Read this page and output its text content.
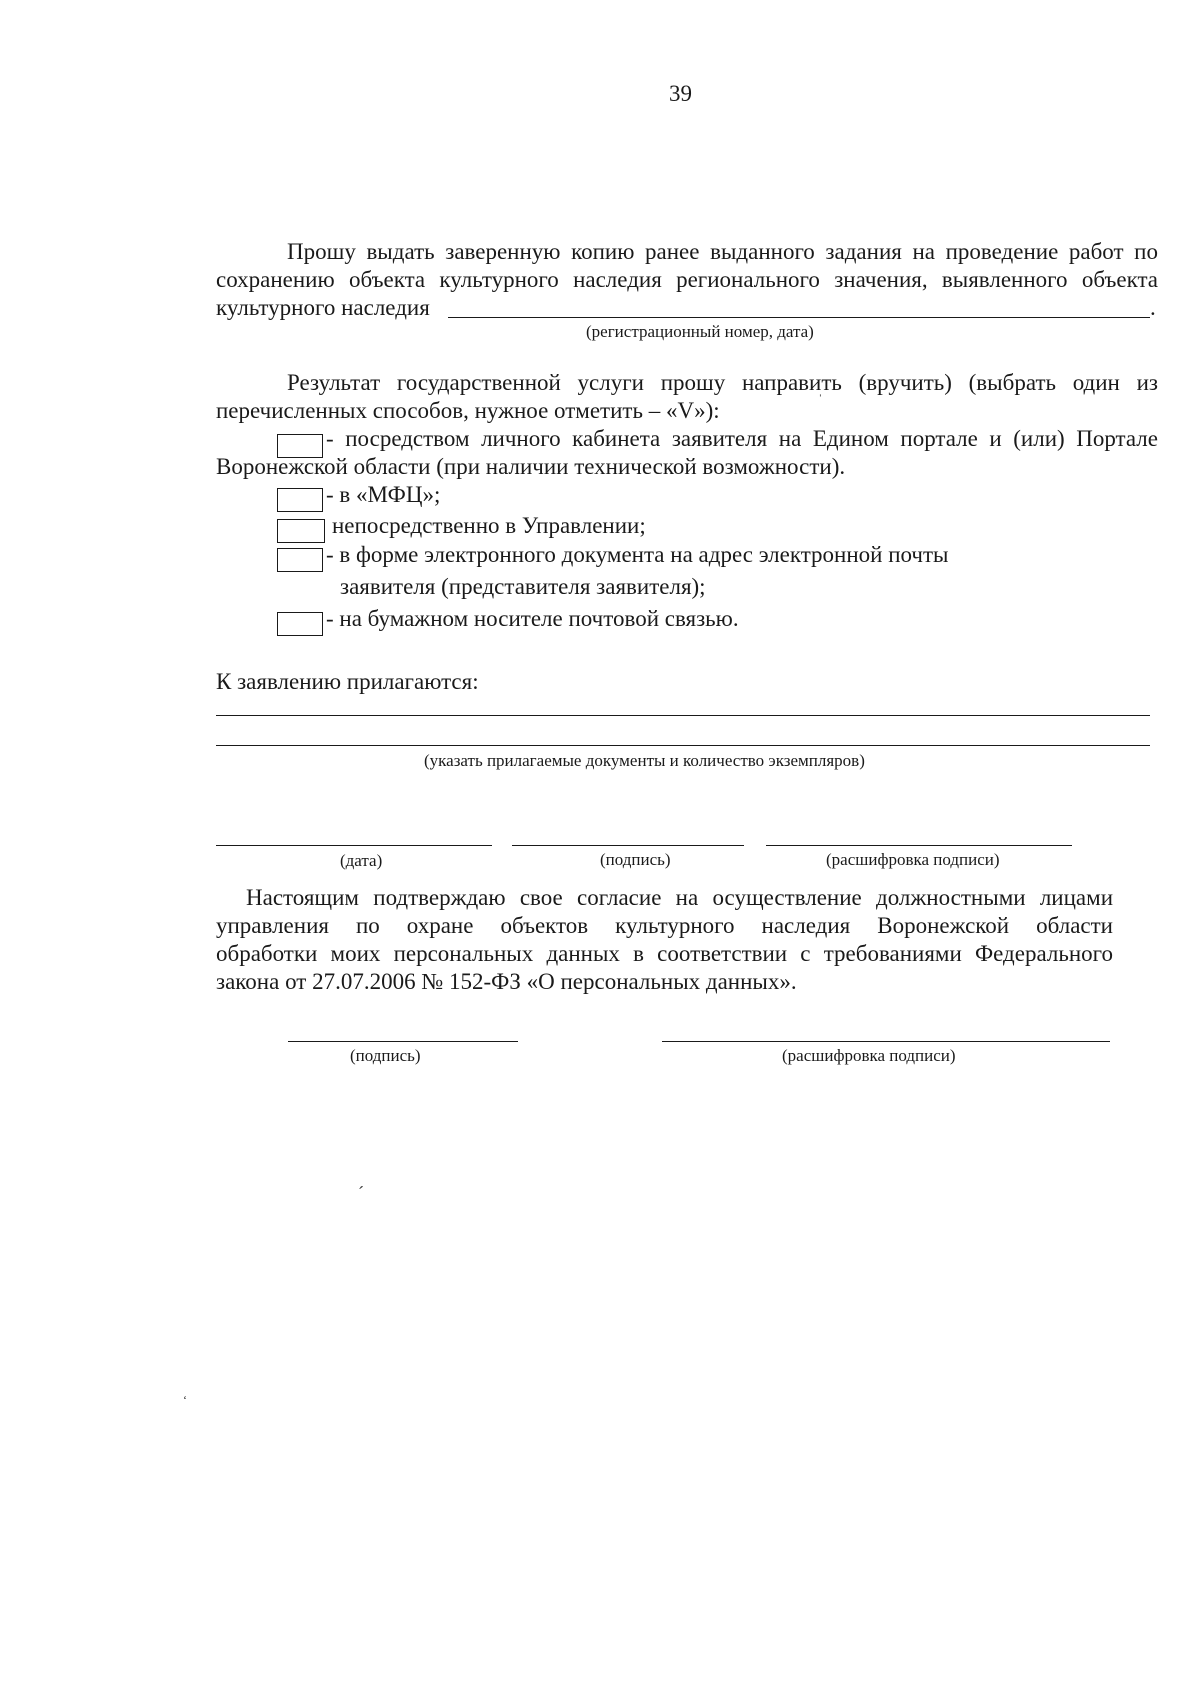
39
Прошу выдать заверенную копию ранее выданного задания на проведение работ по
сохранению объекта культурного наследия регионального значения, выявленного объекта
культурного наследия	.
(регистрационный номер, дата)
Результат государственной услуги прошу направить (вручить) (выбрать один из
перечисленных способов, нужное отметить – «V»):	ˈ
- посредством личного кабинета заявителя на Едином портале и (или) Портале
Воронежской области (при наличии технической возможности).
- в «МФЦ»;
непосредственно в Управлении;
- в форме электронного документа на адрес электронной почты
заявителя (представителя заявителя);
- на бумажном носителе почтовой связью.
К заявлению прилагаются:
(указать прилагаемые документы и количество экземпляров)
(дата)	(подпись)	(расшифровка подписи)
Настоящим подтверждаю свое согласие на осуществление должностными лицами
управления по охране объектов культурного наследия Воронежской области
обработки моих персональных данных в соответствии с требованиями Федерального
закона от 27.07.2006 № 152-ФЗ «О персональных данных».
(подпись)	(расшифровка подписи)
ˊ
ʻ
